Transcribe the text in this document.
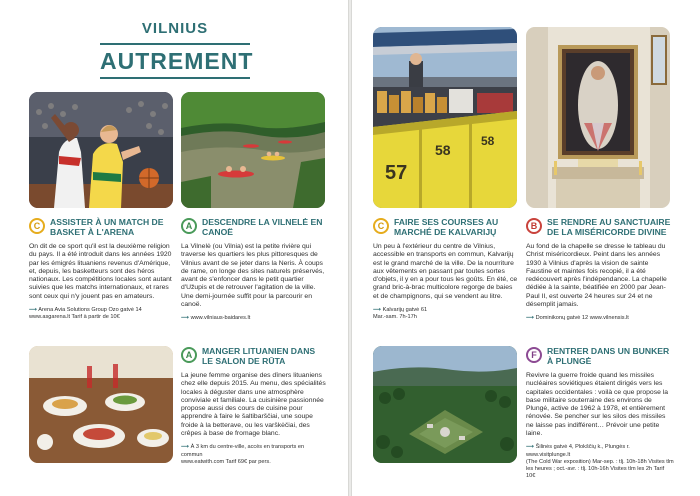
VILNIUS
AUTREMENT
C	ASSISTER À UN MATCH DE BASKET À L'ARENA
On dit de ce sport qu'il est la deuxième religion du pays. Il a été introduit dans les années 1920 par les émigrés lituaniens revenus d'Amérique, et, depuis, les basketteurs sont des héros nationaux. Les compétitions locales sont autant suivies que les matchs internationaux, et rares sont ceux qui n'y jouent pas en amateurs.
⟶ Arena Avia Solutions Group Ozo gatvė 14
www.asgarena.lt Tarif à partir de 10€
A	DESCENDRE LA VILNELĖ EN CANOË
La Vilnelė (ou Vilnia) est la petite rivière qui traverse les quartiers les plus pittoresques de Vilnius avant de se jeter dans la Neris. À coups de rame, on longe des sites naturels préservés, avant de s'enfoncer dans le petit quartier d'Užupis et de retrouver l'agitation de la ville. Une demi-journée suffit pour la parcourir en canoë.
⟶ www.vilniaus-baidares.lt
A	MANGER LITUANIEN DANS LE SALON DE RŪTA
La jeune femme organise des dîners lituaniens chez elle depuis 2015. Au menu, des spécialités locales à déguster dans une atmosphère conviviale et familiale. La cuisinière passionnée propose aussi des cours de cuisine pour apprendre à faire le šaltibarščiai, une soupe froide à la betterave, ou les varškėčiai, des crêpes à base de fromage blanc.
⟶ À 3 km du centre-ville, accès en transports en commun
www.eatwith.com Tarif 69€ par pers.
57
58
58
C	FAIRE SES COURSES AU MARCHÉ DE KALVARIJŲ
Un peu à l'extérieur du centre de Vilnius, accessible en transports en commun, Kalvarijų est le grand marché de la ville. De la nourriture aux vêtements en passant par toutes sortes d'objets, il y en a pour tous les goûts. En été, ce grand bric-à-brac multicolore regorge de baies et de champignons, qui se vendent au litre.
⟶ Kalvarijų gatvė 61
Mar.-sam. 7h-17h
B	SE RENDRE AU SANCTUAIRE DE LA MISÉRICORDE DIVINE
Au fond de la chapelle se dresse le tableau du Christ miséricordieux. Peint dans les années 1930 à Vilnius d'après la vision de sainte Faustine et maintes fois recopié, il a été redécouvert après l'indépendance. La chapelle dédiée à la sainte, béatifiée en 2000 par Jean-Paul II, est ouverte 24 heures sur 24 et ne désemplit jamais.
⟶ Dominikonų gatvė 12 www.vilnensis.lt
F	RENTRER DANS UN BUNKER À PLUNGĖ
Revivre la guerre froide quand les missiles nucléaires soviétiques étaient dirigés vers les capitales occidentales : voilà ce que propose la base militaire souterraine des environs de Plungė, active de 1962 à 1978, et entièrement rénovée. Se pencher sur les silos des missiles ne laisse pas indifférent… Prévoir une petite laine.
⟶ Šilinės gatvė 4, Plokščių k., Plungės r. www.visitplunge.lt
(The Cold War exposition) Mar-sep. : tlj. 10h-18h Visites tlm les heures ; oct.-avr. : tlj. 10h-16h Visites tlm les 2h Tarif 10€
